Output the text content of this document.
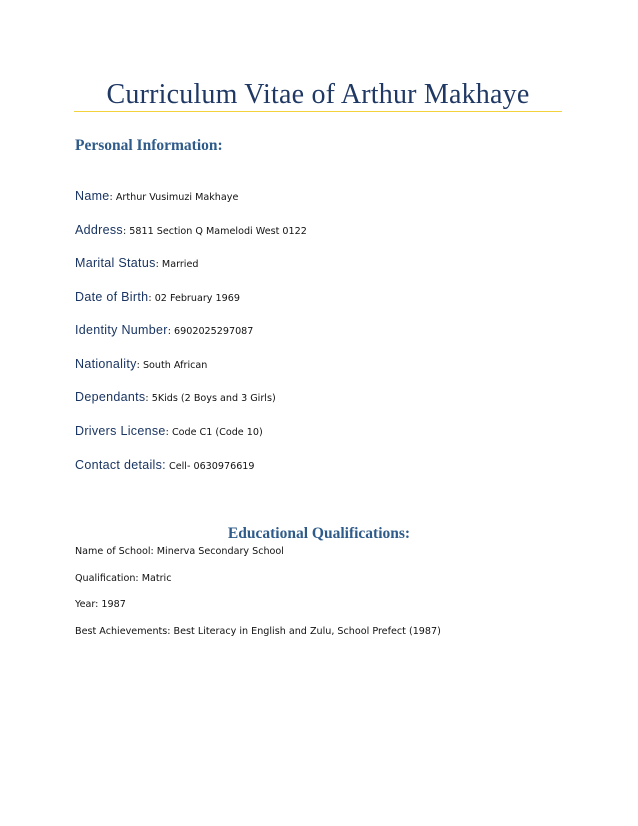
Curriculum Vitae of Arthur Makhaye
Personal Information:
Name: Arthur Vusimuzi Makhaye
Address: 5811 Section Q Mamelodi West 0122
Marital Status: Married
Date of Birth: 02 February 1969
Identity Number: 6902025297087
Nationality: South African
Dependants: 5Kids (2 Boys and 3 Girls)
Drivers License: Code C1 (Code 10)
Contact details: Cell- 0630976619
Educational Qualifications:
Name of School: Minerva Secondary School
Qualification: Matric
Year: 1987
Best Achievements: Best Literacy in English and Zulu, School Prefect (1987)
